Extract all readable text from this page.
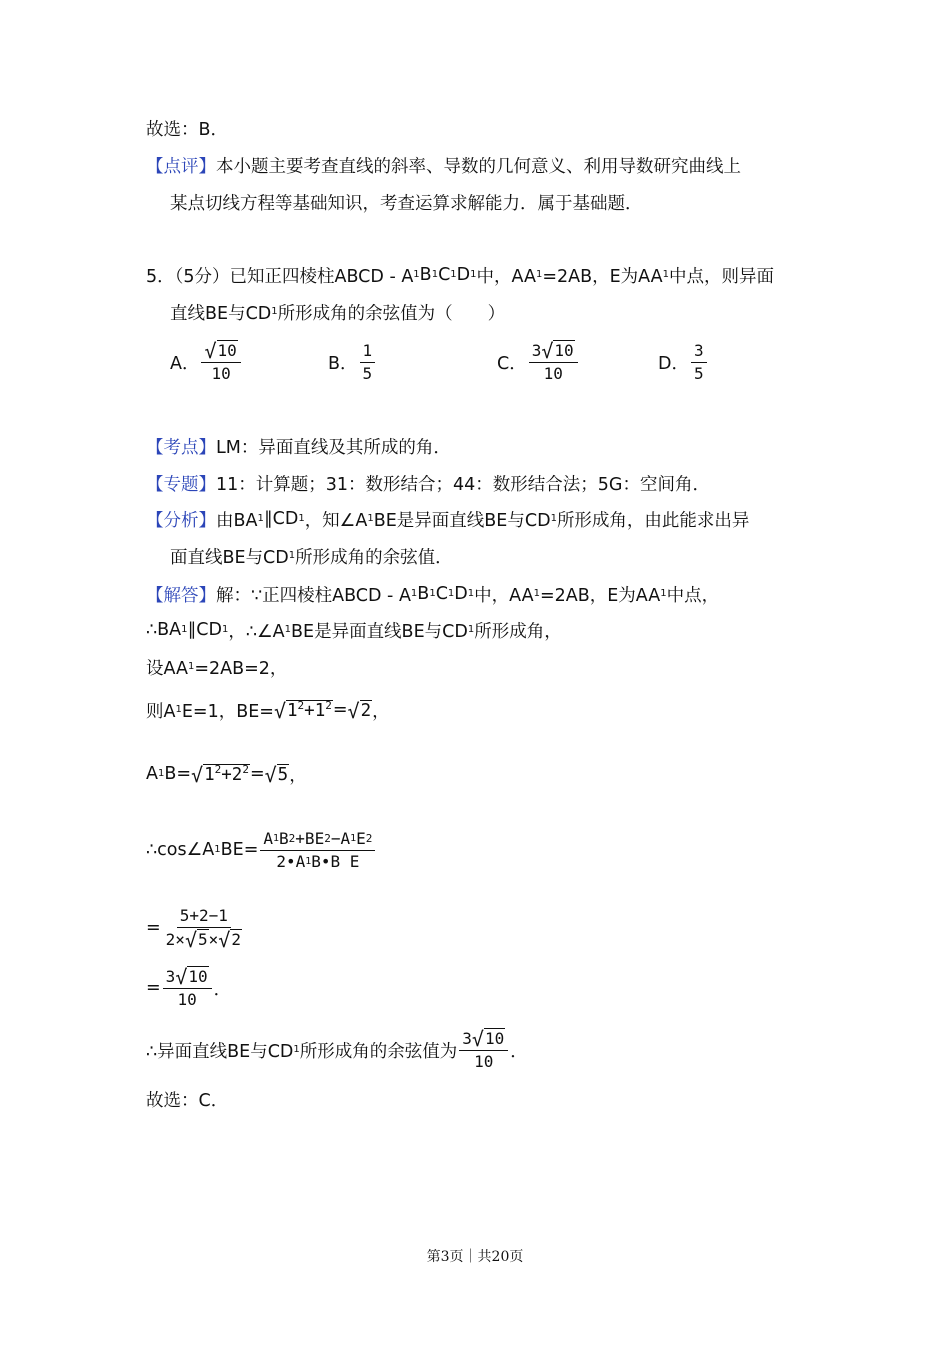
故选：B．
【点评】 本小题主要考查直线的斜率、导数的几何意义、利用导数研究曲线上
某点切线方程等基础知识，考查运算求解能力．属于基础题．
5．（5分）已知正四棱柱ABCD - A 1 B 1 C 1 D 1 中，AA 1 =2AB，E为AA 1 中点，则异面
直线BE与CD 1 所形成角的余弦值为（　　）
A． $\frac{√ 10}{10}$	B． $\frac{1}{5}$	C． $\frac{3 √ 10}{10}$	D． $\frac{3}{5}$
【考点】 LM：异面直线及其所成的角．
【专题】 11：计算题；31：数形结合；44：数形结合法；5G：空间角．
【分析】 由BA 1 ∥CD 1 ，知∠A 1 BE是异面直线BE与CD 1 所形成角，由此能求出异
面直线BE与CD 1 所形成角的余弦值．
【解答】 解：∵正四棱柱ABCD - A 1 B 1 C 1 D 1 中，AA 1 =2AB，E为AA 1 中点，
∴BA 1 ∥CD 1 ，∴∠A 1 BE是异面直线BE与CD 1 所形成角，
设AA 1 =2AB=2，
则A 1 E=1，BE= √ $1^2+1^2$ = √ 2 ，
A 1 B= √ $1^2+2^2$ = √ 5 ，
∴cos∠A 1 $BE= \frac{A 1 B 2 +BE 2 -A 1 E 2}{\text{2•A 1 B•B E}}$
= $\frac{5+2-1}{2\times √ 5 \times √ 2}$
= $\frac{3 √ 10}{10}$ ．
∴异面直线BE与CD 1 所形成角的余弦值为 $\frac{3 √ 10}{10}$ ．
故选：C．
第3页｜共20页
